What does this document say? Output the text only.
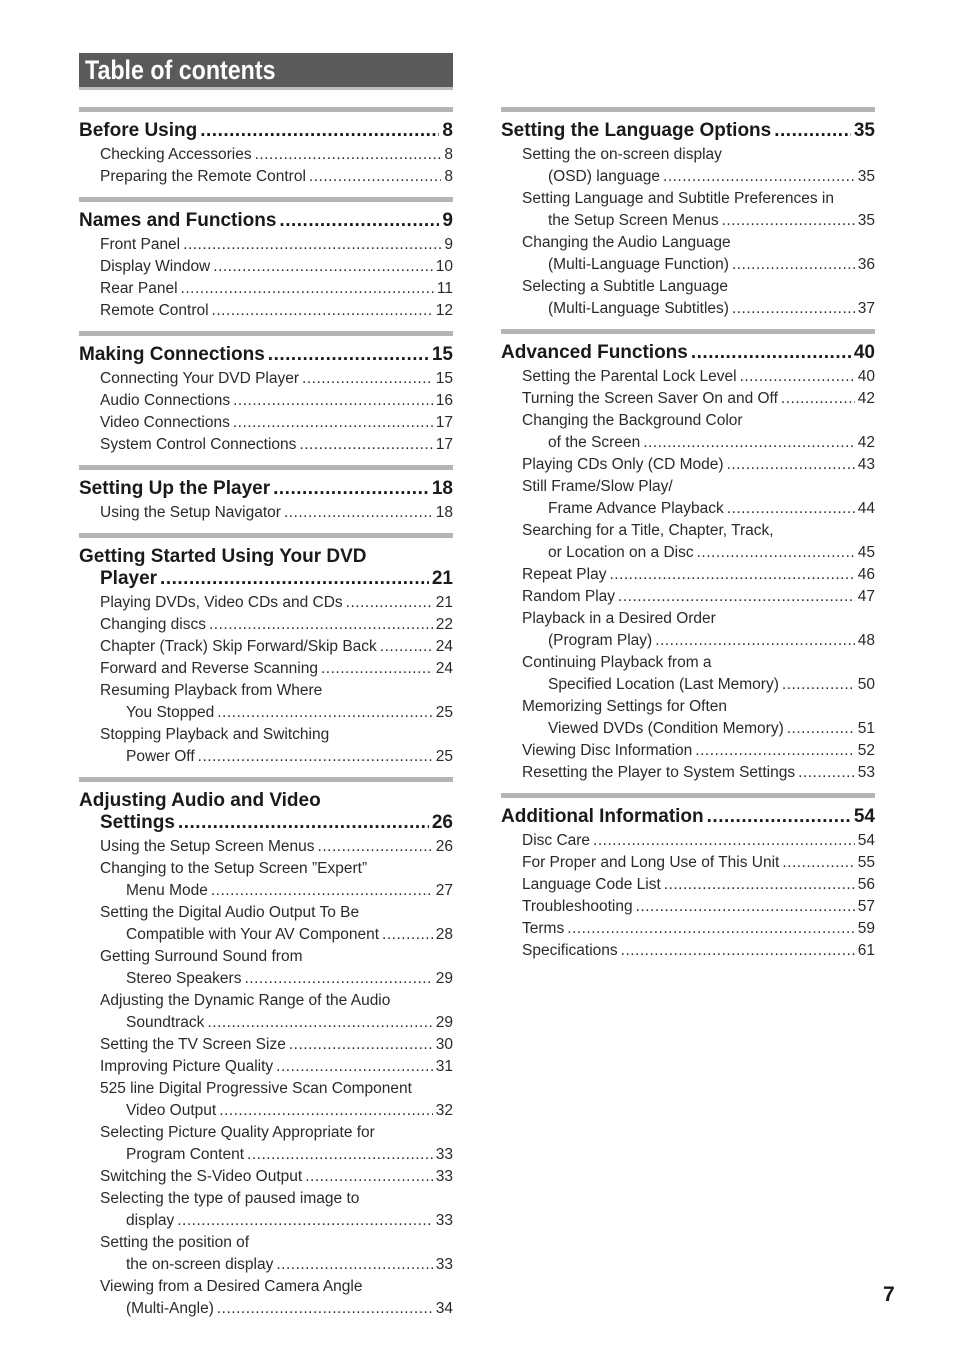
Table of contents
Before Using .....	8
Checking Accessories .....	8
Preparing the Remote Control .....	8
Names and Functions .....	9
Front Panel .....	9
Display Window .....	10
Rear Panel .....	11
Remote Control .....	12
Making Connections .....	15
Connecting Your DVD Player .....	15
Audio Connections .....	16
Video Connections .....	17
System Control Connections .....	17
Setting Up the Player .....	18
Using the Setup Navigator .....	18
Getting Started Using Your DVD
Player .....	21
Playing DVDs, Video CDs and CDs .....	21
Changing discs .....	22
Chapter (Track) Skip Forward/Skip Back .....	24
Forward and Reverse Scanning .....	24
Resuming Playback from Where
You Stopped .....	25
Stopping Playback and Switching
Power Off .....	25
Adjusting Audio and Video
Settings .....	26
Using the Setup Screen Menus .....	26
Changing to the Setup Screen ”Expert”
Menu Mode .....	27
Setting the Digital Audio Output To Be
Compatible with Your AV Component .....	28
Getting Surround Sound from
Stereo Speakers .....	29
Adjusting the Dynamic Range of the Audio
Soundtrack .....	29
Setting the TV Screen Size .....	30
Improving Picture Quality .....	31
525 line Digital Progressive Scan Component
Video Output .....	32
Selecting Picture Quality Appropriate for
Program Content .....	33
Switching the S-Video Output .....	33
Selecting the type of paused image to
display .....	33
Setting the position of
the on-screen display .....	33
Viewing from a Desired Camera Angle
(Multi-Angle) .....	34
Setting the Language Options .....	35
Setting the on-screen display
(OSD) language .....	35
Setting Language and Subtitle Preferences in
the Setup Screen Menus .....	35
Changing the Audio Language
(Multi-Language Function) .....	36
Selecting a Subtitle Language
(Multi-Language Subtitles) .....	37
Advanced Functions .....	40
Setting the Parental Lock Level .....	40
Turning the Screen Saver On and Off .....	42
Changing the Background Color
of the Screen .....	42
Playing CDs Only (CD Mode) .....	43
Still Frame/Slow Play/
Frame Advance Playback .....	44
Searching for a Title, Chapter, Track,
or Location on a Disc .....	45
Repeat Play .....	46
Random Play .....	47
Playback in a Desired Order
(Program Play) .....	48
Continuing Playback from a
Specified Location (Last Memory) .....	50
Memorizing Settings for Often
Viewed DVDs (Condition Memory) .....	51
Viewing Disc Information .....	52
Resetting the Player to System Settings .....	53
Additional Information .....	54
Disc Care .....	54
For Proper and Long Use of This Unit .....	55
Language Code List .....	56
Troubleshooting .....	57
Terms .....	59
Specifications .....	61
7
